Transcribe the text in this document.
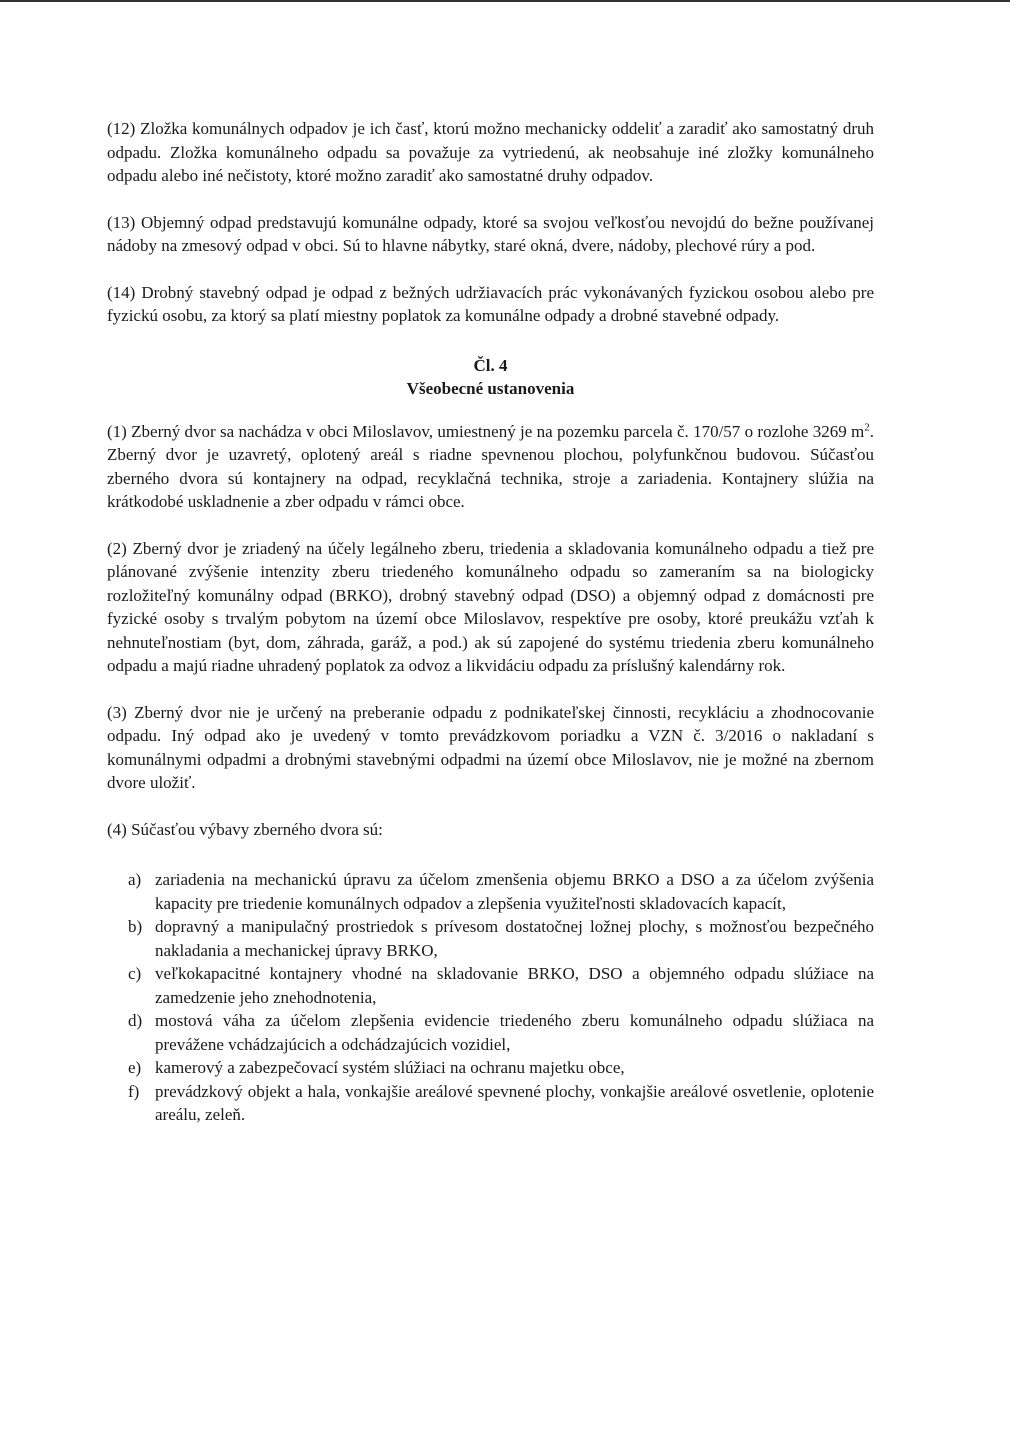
(12) Zložka komunálnych odpadov je ich časť, ktorú možno mechanicky oddeliť a zaradiť ako samostatný druh odpadu. Zložka komunálneho odpadu sa považuje za vytriedenú, ak neobsahuje iné zložky komunálneho odpadu alebo iné nečistoty, ktoré možno zaradiť ako samostatné druhy odpadov.

(13) Objemný odpad predstavujú komunálne odpady, ktoré sa svojou veľkosťou nevojdú do bežne používanej nádoby na zmesový odpad v obci. Sú to hlavne nábytky, staré okná, dvere, nádoby, plechové rúry a pod.

(14) Drobný stavebný odpad je odpad z bežných udržiavacích prác vykonávaných fyzickou osobou alebo pre fyzickú osobu, za ktorý sa platí miestny poplatok za komunálne odpady a drobné stavebné odpady.

Čl. 4
Všeobecné ustanovenia

(1) Zberný dvor sa nachádza v obci Miloslavov, umiestnený je na pozemku parcela č. 170/57 o rozlohe 3269 $m^2$. Zberný dvor je uzavretý, oplotený areál s riadne spevnenou plochou, polyfunkčnou budovou. Súčasťou zberného dvora sú kontajnery na odpad, recyklačná technika, stroje a zariadenia. Kontajnery slúžia na krátkodobé uskladnenie a zber odpadu v rámci obce.

(2) Zberný dvor je zriadený na účely legálneho zberu, triedenia a skladovania komunálneho odpadu a tiež pre plánované zvýšenie intenzity zberu triedeného komunálneho odpadu so zameraním sa na biologicky rozložiteľný komunálny odpad (BRKO), drobný stavebný odpad (DSO) a objemný odpad z domácnosti pre fyzické osoby s trvalým pobytom na území obce Miloslavov, respektíve pre osoby, ktoré preukážu vzťah k nehnuteľnostiam (byt, dom, záhrada, garáž, a pod.) ak sú zapojené do systému triedenia zberu komunálneho odpadu a majú riadne uhradený poplatok za odvoz a likvidáciu odpadu za príslušný kalendárny rok.

(3) Zberný dvor nie je určený na preberanie odpadu z podnikateľskej činnosti, recykláciu a zhodnocovanie odpadu. Iný odpad ako je uvedený v tomto prevádzkovom poriadku a VZN č. 3/2016 o nakladaní s komunálnymi odpadmi a drobnými stavebnými odpadmi na území obce Miloslavov, nie je možné na zbernom dvore uložiť.

(4) Súčasťou výbavy zberného dvora sú:

a) zariadenia na mechanickú úpravu za účelom zmenšenia objemu BRKO a DSO a za účelom zvýšenia kapacity pre triedenie komunálnych odpadov a zlepšenia využiteľnosti skladovacích kapacít,
b) dopravný a manipulačný prostriedok s prívesom dostatočnej ložnej plochy, s možnosťou bezpečného nakladania a mechanickej úpravy BRKO,
c) veľkokapacitné kontajnery vhodné na skladovanie BRKO, DSO a objemného odpadu slúžiace na zamedzenie jeho znehodnotenia,
d) mostová váha za účelom zlepšenia evidencie triedeného zberu komunálneho odpadu slúžiaca na prevážene vchádzajúcich a odchádzajúcich vozidiel,
e) kamerový a zabezpečovací systém slúžiaci na ochranu majetku obce,
f) prevádzkový objekt a hala, vonkajšie areálové spevnené plochy, vonkajšie areálové osvetlenie, oplotenie areálu, zeleň.
